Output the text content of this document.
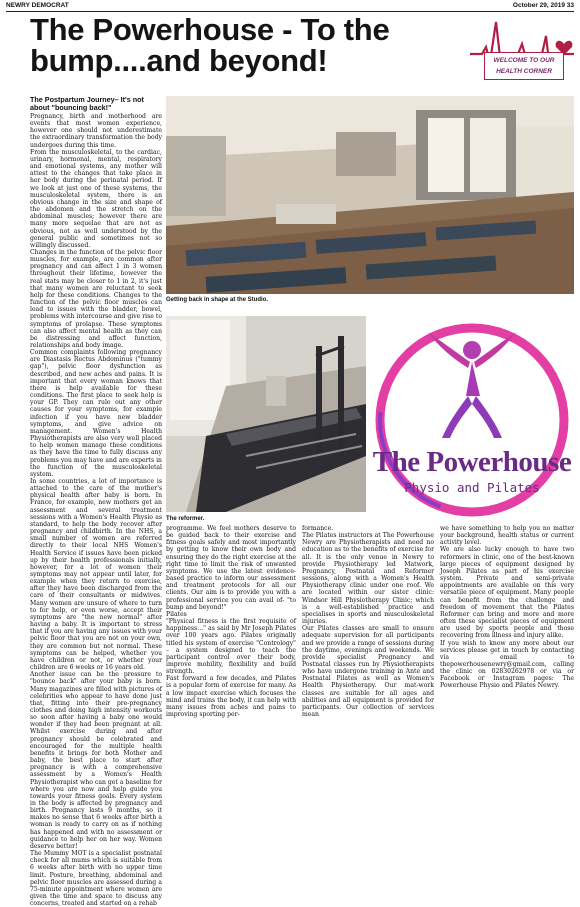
NEWRY DEMOCRAT	October 29, 2019 33
The Powerhouse - To the bump....and beyond!	WELCOME TO OUR
HEALTH CORNER

The Postpartum Journey– It's not about "bouncing back!"

Pregnancy, birth and motherhood are events that most women experience, however one should not underestimate the extraordinary transformation the body undergoes during this time.

From the musculoskeletal, to the cardiac, urinary, hormonal, mental, respiratory and emotional systems, any mother will attest to the changes that take place in her body during the perinatal period. If we look at just one of these systems, the musculoskeletal system, there is an obvious change in the size and shape of the abdomen and the stretch on the abdominal muscles; however there are many more sequelae that are not as obvious, not as well understood by the general public and sometimes not so willingly discussed.

Changes in the function of the pelvic floor muscles, for example, are common after pregnancy and can affect 1 in 3 women throughout their lifetime, however the real stats may be closer to 1 in 2, it's just that many women are reluctant to seek help for these conditions. Changes to the function of the pelvic floor muscles can lead to issues with the bladder, bowel, problems with intercourse and give rise to symptoms of prolapse. These symptoms can also affect mental health as they can be distressing and affect function, relationships and body image.

Common complaints following pregnancy are Diastasis Rectus Abdominus ("tummy gap"), pelvic floor dysfunction as described, and new aches and pains. It is important that every woman knows that there is help available for these conditions. The first place to seek help is your GP. They can rule out any other causes for your symptoms, for example infection if you have new bladder symptoms, and give advice on management. Women's Health Physiotherapists are also very well placed to help women manage these conditions as they have the time to fully discuss any problems you may have and are experts in the function of the musculoskeletal system.

In some countries, a lot of importance is attached to the care of the mother's physical health after baby is born. In France, for example, new mothers get an assessment and several treatment sessions with a Women's Health Physio as standard, to help the body recover after pregnancy and childbirth. In the NHS, a small number of women are referred directly to their local NHS Women's Health Service if issues have been picked up by their health professionals initially, however, for a lot of women their symptoms may not appear until later, for example when they return to exercise, after they have been discharged from the care of their consultants or midwives. Many women are unsure of where to turn to for help, or even worse, accept their symptoms are "the new normal" after having a baby. It is important to stress that if you are having any issues with your pelvic floor that you are not on your own, they are common but not normal. These symptoms can be helped, whether you have children or not, or whether your children are 6 weeks or 16 years old.

Another issue can be the pressure to "bounce back" after your baby is born. Many magazines are filled with pictures of celebrities who appear to have done just that, fitting into their pre-pregnancy clothes and doing high intensity workouts so soon after having a baby one would wonder if they had been pregnant at all. Whilst exercise during and after pregnancy should be celebrated and encouraged for the multiple health benefits it brings for both Mother and baby, the best place to start after pregnancy is with a comprehensive assessment by a Women's Health Physiotherapist who can get a baseline for where you are now and help guide you towards your fitness goals. Every system in the body is affected by pregnancy and birth. Pregnancy lasts 9 months, so it makes no sense that 6 weeks after birth a woman is ready to carry on as if nothing has happened and with no assessment or guidance to help her on her way. Women deserve better!

The Mummy MOT is a specialist postnatal check for all mums which is suitable from 6 weeks after birth with no upper time limit. Posture, breathing, abdominal and pelvic floor muscles are assessed during a 75-minute appointment where women are given the time and space to discuss any concerns, treated and started on a rehab

Getting back in shape at the Studio.
The reformer.
The Powerhouse
Physio and Pilates

programme. We feel mothers deserve to be guided back to their exercise and fitness goals safely and most importantly by getting to know their own body and ensuring they do the right exercise at the right time to limit the risk of unwanted symptoms. We use the latest evidence-based practice to inform our assessment and treatment protocols for all our clients. Our aim is to provide you with a professional service you can avail of- "to bump and beyond!"

Pilates

"Physical fitness is the first requisite of happiness…" as said by Mr Joseph Pilates over 100 years ago. Pilates originally titled his system of exercise "Contrology" – a system designed to teach the participant control over their body, improve mobility, flexibility and build strength.

Fast forward a few decades, and Pilates is a popular form of exercise for many. As a low impact exercise which focuses the mind and trains the body, it can help with many issues from aches and pains to improving sporting per-

formance.

The Pilates instructors at The Powerhouse Newry are Physiotherapists and need no education as to the benefits of exercise for all. It is the only venue in Newry to provide Physiotherapy led Matwork, Pregnancy, Postnatal and Reformer sessions, along with a Women's Health Physiotherapy clinic under one roof. We are located within our sister clinic: Windsor Hill Physiotherapy Clinic; which is a well-established practice and specialises in sports and musculoskeletal injuries.

Our Pilates classes are small to ensure adequate supervision for all participants and we provide a range of sessions during the daytime, evenings and weekends. We provide specialist Pregnancy and Postnatal classes run by Physiotherapists who have undergone training in Ante and Postnatal Pilates as well as Women's Health Physiotherapy. Our mat-work classes are suitable for all ages and abilities and all equipment is provided for participants. Our collection of services mean

we have something to help you no matter your background, health status or current activity level.

We are also lucky enough to have two reformers in clinic, one of the best-known large pieces of equipment designed by Joseph Pilates as part of his exercise system. Private and semi-private appointments are available on this very versatile piece of equipment. Many people can benefit from the challenge and freedom of movement that the Pilates Reformer can bring and more and more often these specialist pieces of equipment are used by sports people and those recovering from illness and injury alike.

If you wish to know any more about our services please get in touch by contacting via email to thepowerhousenewry@gmail.com, calling the clinic on 02830262978 or via or Facebook or Instagram pages: The Powerhouse Physio and Pilates Newry.
